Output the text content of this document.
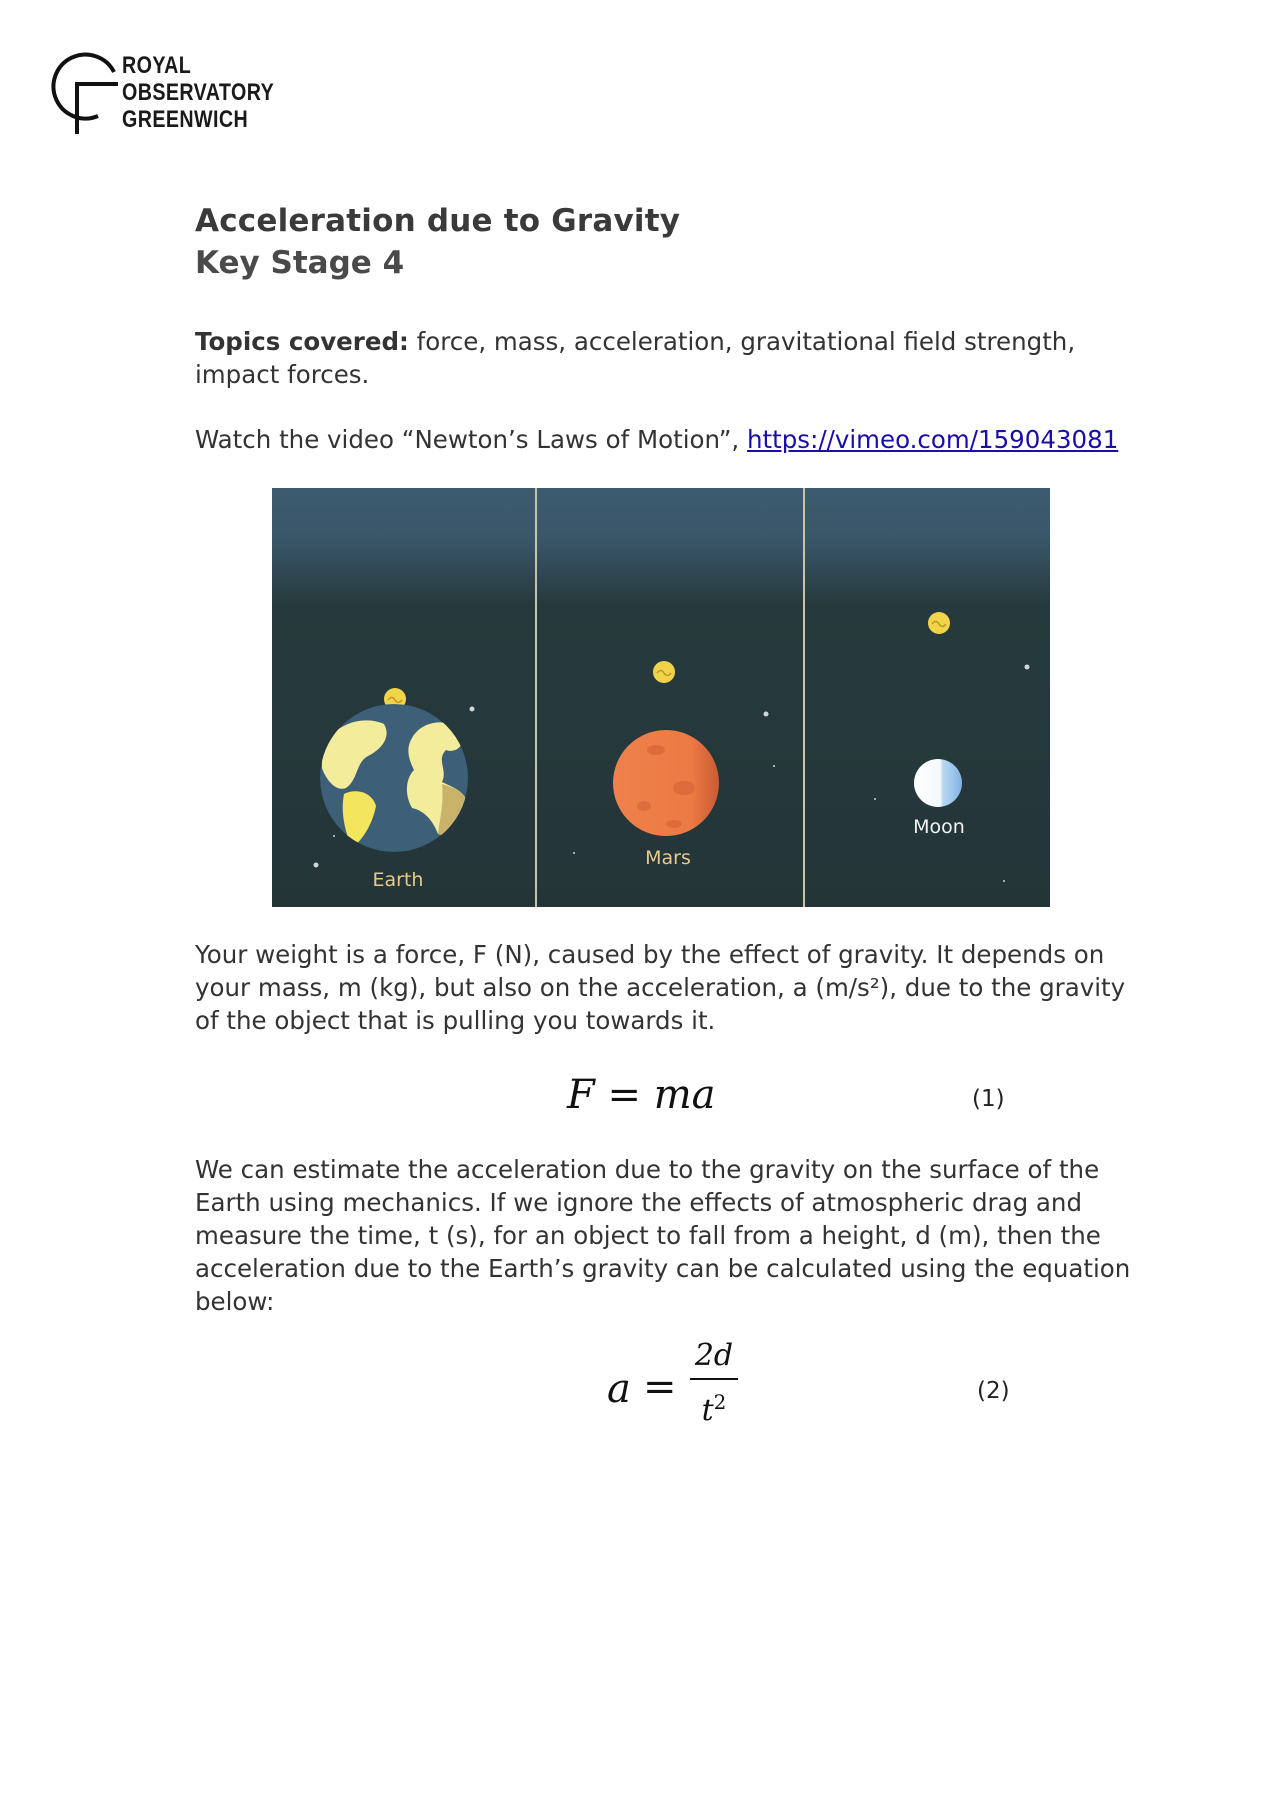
ROYAL
OBSERVATORY
GREENWICH
Acceleration due to Gravity
Key Stage 4

Topics covered: force, mass, acceleration, gravitational field strength, impact forces.

Watch the video “Newton’s Laws of Motion”, https://vimeo.com/159043081

Earth
Mars
Moon

Your weight is a force, F (N), caused by the effect of gravity. It depends on your mass, m (kg), but also on the acceleration, a (m/s²), due to the gravity of the object that is pulling you towards it.

F = ma	(1)

We can estimate the acceleration due to the gravity on the surface of the Earth using mechanics. If we ignore the effects of atmospheric drag and measure the time, t (s), for an object to fall from a height, d (m), then the acceleration due to the Earth’s gravity can be calculated using the equation below:

a =
2d
$t^2$	(2)
